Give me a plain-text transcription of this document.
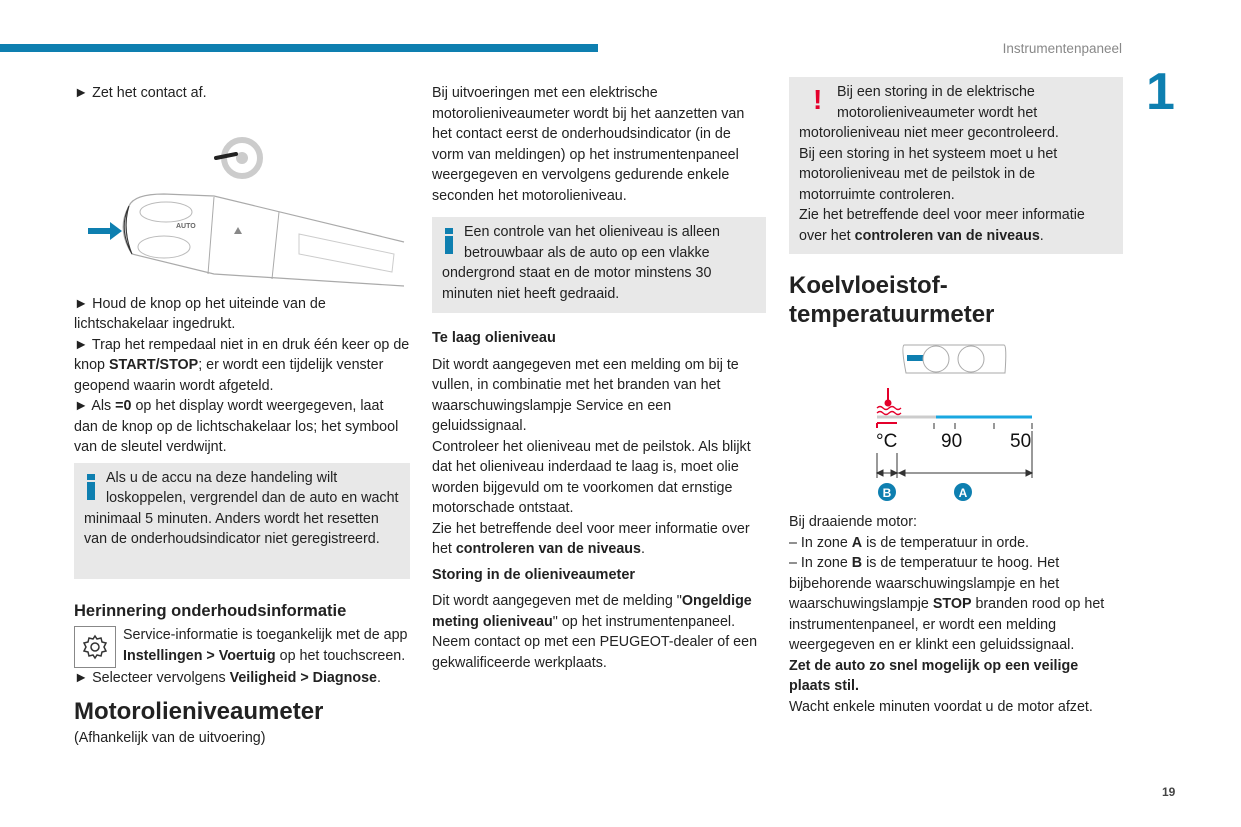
Instrumentenpaneel
1
19

► Zet het contact af.

AUTO

► Houd de knop op het uiteinde van de lichtschakelaar ingedrukt.

► Trap het rempedaal niet in en druk één keer op de knop START/STOP; er wordt een tijdelijk venster geopend waarin wordt afgeteld.

► Als =0 op het display wordt weergegeven, laat dan de knop op de lichtschakelaar los; het symbool van de sleutel verdwijnt.

Als u de accu na deze handeling wilt loskoppelen, vergrendel dan de auto en wacht minimaal 5 minuten. Anders wordt het resetten van de onderhoudsindicator niet geregistreerd.

Herinnering onderhoudsinformatie

Service-informatie is toegankelijk met de app Instellingen > Voertuig op het touchscreen.

► Selecteer vervolgens Veiligheid > Diagnose.

Motorolieniveaumeter

(Afhankelijk van de uitvoering)

Bij uitvoeringen met een elektrische motorolieniveaumeter wordt bij het aanzetten van het contact eerst de onderhoudsindicator (in de vorm van meldingen) op het instrumentenpaneel weergegeven en vervolgens gedurende enkele seconden het motorolieniveau.

Een controle van het olieniveau is alleen betrouwbaar als de auto op een vlakke ondergrond staat en de motor minstens 30 minuten niet heeft gedraaid.

Te laag olieniveau

Dit wordt aangegeven met een melding om bij te vullen, in combinatie met het branden van het waarschuwingslampje Service en een geluidssignaal.

Controleer het olieniveau met de peilstok. Als blijkt dat het olieniveau inderdaad te laag is, moet olie worden bijgevuld om te voorkomen dat ernstige motorschade ontstaat.

Zie het betreffende deel voor meer informatie over het controleren van de niveaus.

Storing in de olieniveaumeter

Dit wordt aangegeven met de melding "Ongeldige meting olieniveau" op het instrumentenpaneel.

Neem contact op met een PEUGEOT-dealer of een gekwalificeerde werkplaats.

!	Bij een storing in de elektrische motorolieniveaumeter wordt het motorolieniveau niet meer gecontroleerd.

Bij een storing in het systeem moet u het motorolieniveau met de peilstok in de motorruimte controleren.

Zie het betreffende deel voor meer informatie over het controleren van de niveaus.

Koelvloeistof-
temperatuurmeter
°C 90	50
B	A

Bij draaiende motor:

– In zone A is de temperatuur in orde.

– In zone B is de temperatuur te hoog. Het bijbehorende waarschuwingslampje en het waarschuwingslampje STOP branden rood op het instrumentenpaneel, er wordt een melding weergegeven en er klinkt een geluidssignaal.

Zet de auto zo snel mogelijk op een veilige plaats stil.

Wacht enkele minuten voordat u de motor afzet.
